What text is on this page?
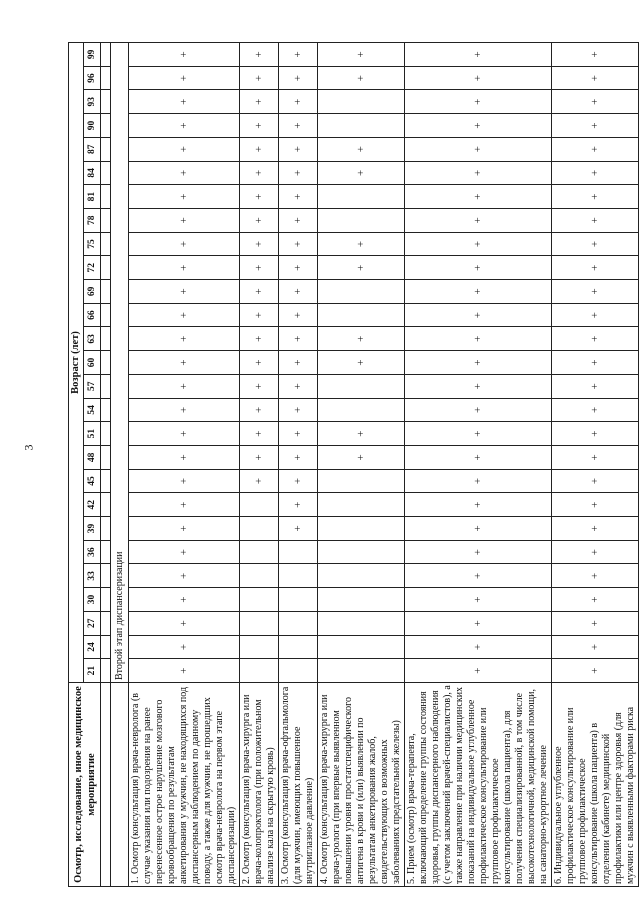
3
Осмотр, исследование, иное медицинское мероприятие	Возраст (лет)																										
	21	24	27	30	33	36	39	42	45	48	51	54	57	60	63	66	69	72	75	78	81	84	87	90	93	96	99

	Второй этап диспансеризации																										
1. Осмотр (консультация) врача-невролога (в случае указания или подозрения на ранее перенесенное острое нарушение мозгового кровообращения по результатам анкетирования у мужчин, не находящихся под диспансерным наблюдением по данному поводу, а также для мужчин, не прошедших осмотр врача-невролога на первом этапе диспансеризации)	+	+	+	+	+	+	+	+	+	+	+	+	+	+	+	+	+	+	+	+	+	+	+	+	+	+	+
2. Осмотр (консультация) врача-хирурга или врача-колопроктолога (при положительном анализе кала на скрытую кровь)									+	+	+	+	+	+	+	+	+	+	+	+	+	+	+	+	+	+	+
3. Осмотр (консультация) врача-офтальмолога (для мужчин, имеющих повышенное внутриглазное давление)							+	+	+	+	+	+	+	+	+	+	+	+	+	+	+	+	+	+	+	+	+
4. Осмотр (консультация) врача-хирурга или врача-уролога (при впервые выявленном повышении уровня простатспецифического антигена в крови и (или) выявлении по результатам анкетирования жалоб, свидетельствующих о возможных заболеваниях предстательной железы)										+	+			+	+			+	+			+	+			+	+
5. Прием (осмотр) врача-терапевта, включающий определение группы состояния здоровья, группы диспансерного наблюдения (с учетом заключений врачей-специалистов), а также направление при наличии медицинских показаний на индивидуальное углубленное профилактическое консультирование или групповое профилактическое консультирование (школа пациента), для получения специализированной, в том числе высокотехнологичной, медицинской помощи, на санаторно-курортное лечение	+	+	+	+	+	+	+	+	+	+	+	+	+	+	+	+	+	+	+	+	+	+	+	+	+	+	+
6. Индивидуальное углубленное профилактическое консультирование или групповое профилактическое консультирование (школа пациента) в отделении (кабинете) медицинской профилактики или центре здоровья (для мужчин с выявленными факторами риска	+	+	+	+	+	+	+	+	+	+	+	+	+	+	+	+	+	+	+	+	+	+	+	+	+	+	+
